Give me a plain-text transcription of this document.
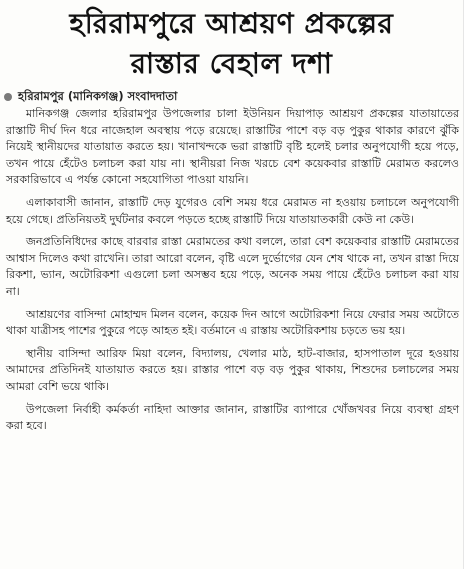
হরিরামপুরে আশ্রয়ণ প্রকল্পের
রাস্তার বেহাল দশা
হরিরামপুর (মানিকগঞ্জ) সংবাদদাতা

মানিকগঞ্জ জেলার হরিরামপুর উপজেলার চালা ইউনিয়ন দিয়াপাড় আশ্রয়ণ প্রকল্পের যাতায়াতের রাস্তাটি দীর্ঘ দিন ধরে নাজেহাল অবস্থায় পড়ে রয়েছে। রাস্তাটির পাশে বড় বড় পুকুর থাকার কারণে ঝুঁকি নিয়েই স্থানীয়দের যাতায়াত করতে হয়। খানাখন্দকে ভরা রাস্তাটি বৃষ্টি হলেই চলার অনুপযোগী হয়ে পড়ে, তখন পায়ে হেঁটেও চলাচল করা যায় না। স্থানীয়রা নিজ খরচে বেশ কয়েকবার রাস্তাটি মেরামত করলেও সরকারিভাবে এ পর্যন্ত কোনো সহযোগিতা পাওয়া যায়নি।

এলাকাবাসী জানান, রাস্তাটি দেড় যুগেরও বেশি সময় ধরে মেরামত না হওয়ায় চলাচলে অনুপযোগী হয়ে গেছে। প্রতিনিয়তই দুর্ঘটনার কবলে পড়তে হচ্ছে রাস্তাটি দিয়ে যাতায়াতকারী কেউ না কেউ।

জনপ্রতিনিধিদের কাছে বারবার রাস্তা মেরামতের কথা বললে, তারা বেশ কয়েকবার রাস্তাটি মেরামতের আশ্বাস দিলেও কথা রাখেনি। তারা আরো বলেন, বৃষ্টি এলে দুর্ভোগের যেন শেষ থাকে না, তখন রাস্তা দিয়ে রিকশা, ভ্যান, অটোরিকশা এগুলো চলা অসম্ভব হয়ে পড়ে, অনেক সময় পায়ে হেঁটেও চলাচল করা যায় না।

আশ্রয়ণের বাসিন্দা মোহাম্মদ মিলন বলেন, কয়েক দিন আগে অটোরিকশা নিয়ে ফেরার সময় অটোতে থাকা যাত্রীসহ পাশের পুকুরে পড়ে আহত হই। বর্তমানে এ রাস্তায় অটোরিকশায় চড়তে ভয় হয়।

স্থানীয় বাসিন্দা আরিফ মিয়া বলেন, বিদ্যালয়, খেলার মাঠ, হাট-বাজার, হাসপাতাল দূরে হওয়ায় আমাদের প্রতিদিনই যাতায়াত করতে হয়। রাস্তার পাশে বড় বড় পুকুর থাকায়, শিশুদের চলাচলের সময় আমরা বেশি ভয়ে থাকি।

উপজেলা নির্বাহী কর্মকর্তা নাহিদা আক্তার জানান, রাস্তাটির ব্যাপারে খোঁজখবর নিয়ে ব্যবস্থা গ্রহণ করা হবে।
